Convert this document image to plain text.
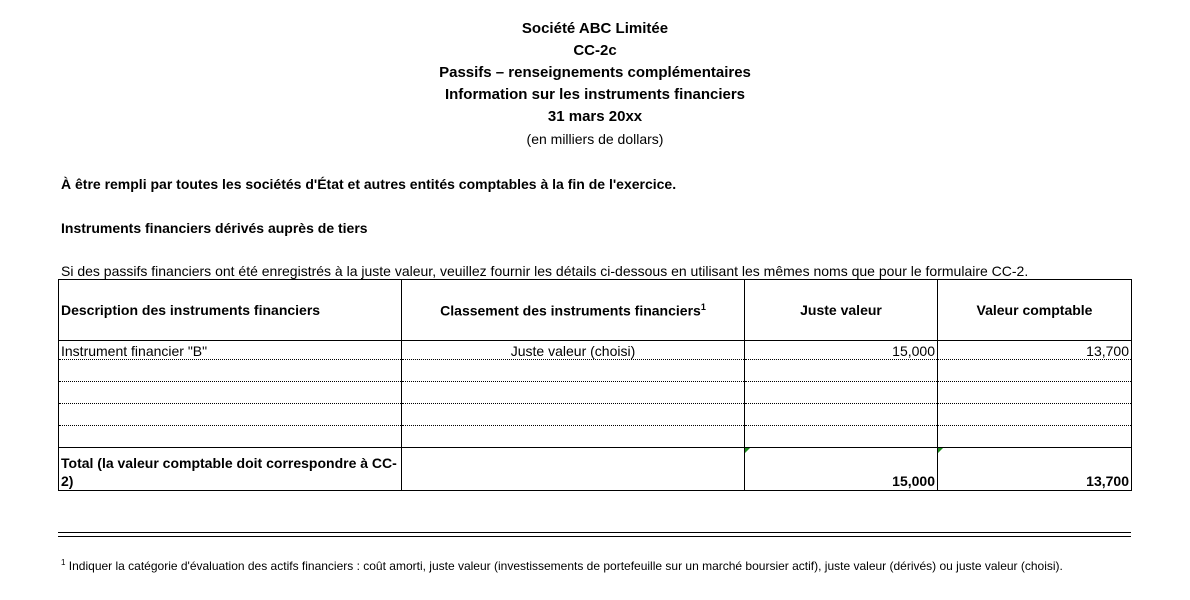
Société ABC Limitée
CC-2c
Passifs – renseignements complémentaires
Information sur les instruments financiers
31 mars 20xx
(en milliers de dollars)
À être rempli par toutes les sociétés d'État et autres entités comptables à la fin de l'exercice.
Instruments financiers dérivés auprès de tiers
Si des passifs financiers ont été enregistrés à la juste valeur, veuillez fournir les détails ci-dessous en utilisant les mêmes noms que pour le formulaire CC-2.
Description des instruments financiers	Classement des instruments financiers$^1$	Juste valeur	Valeur comptable
Instrument financier "B"	Juste valeur (choisi)	15,000	13,700

Total (la valeur comptable doit correspondre à CC-2)		15,000	13,700
$^1$ Indiquer la catégorie d'évaluation des actifs financiers : coût amorti, juste valeur (investissements de portefeuille sur un marché boursier actif), juste valeur (dérivés) ou juste valeur (choisi).
